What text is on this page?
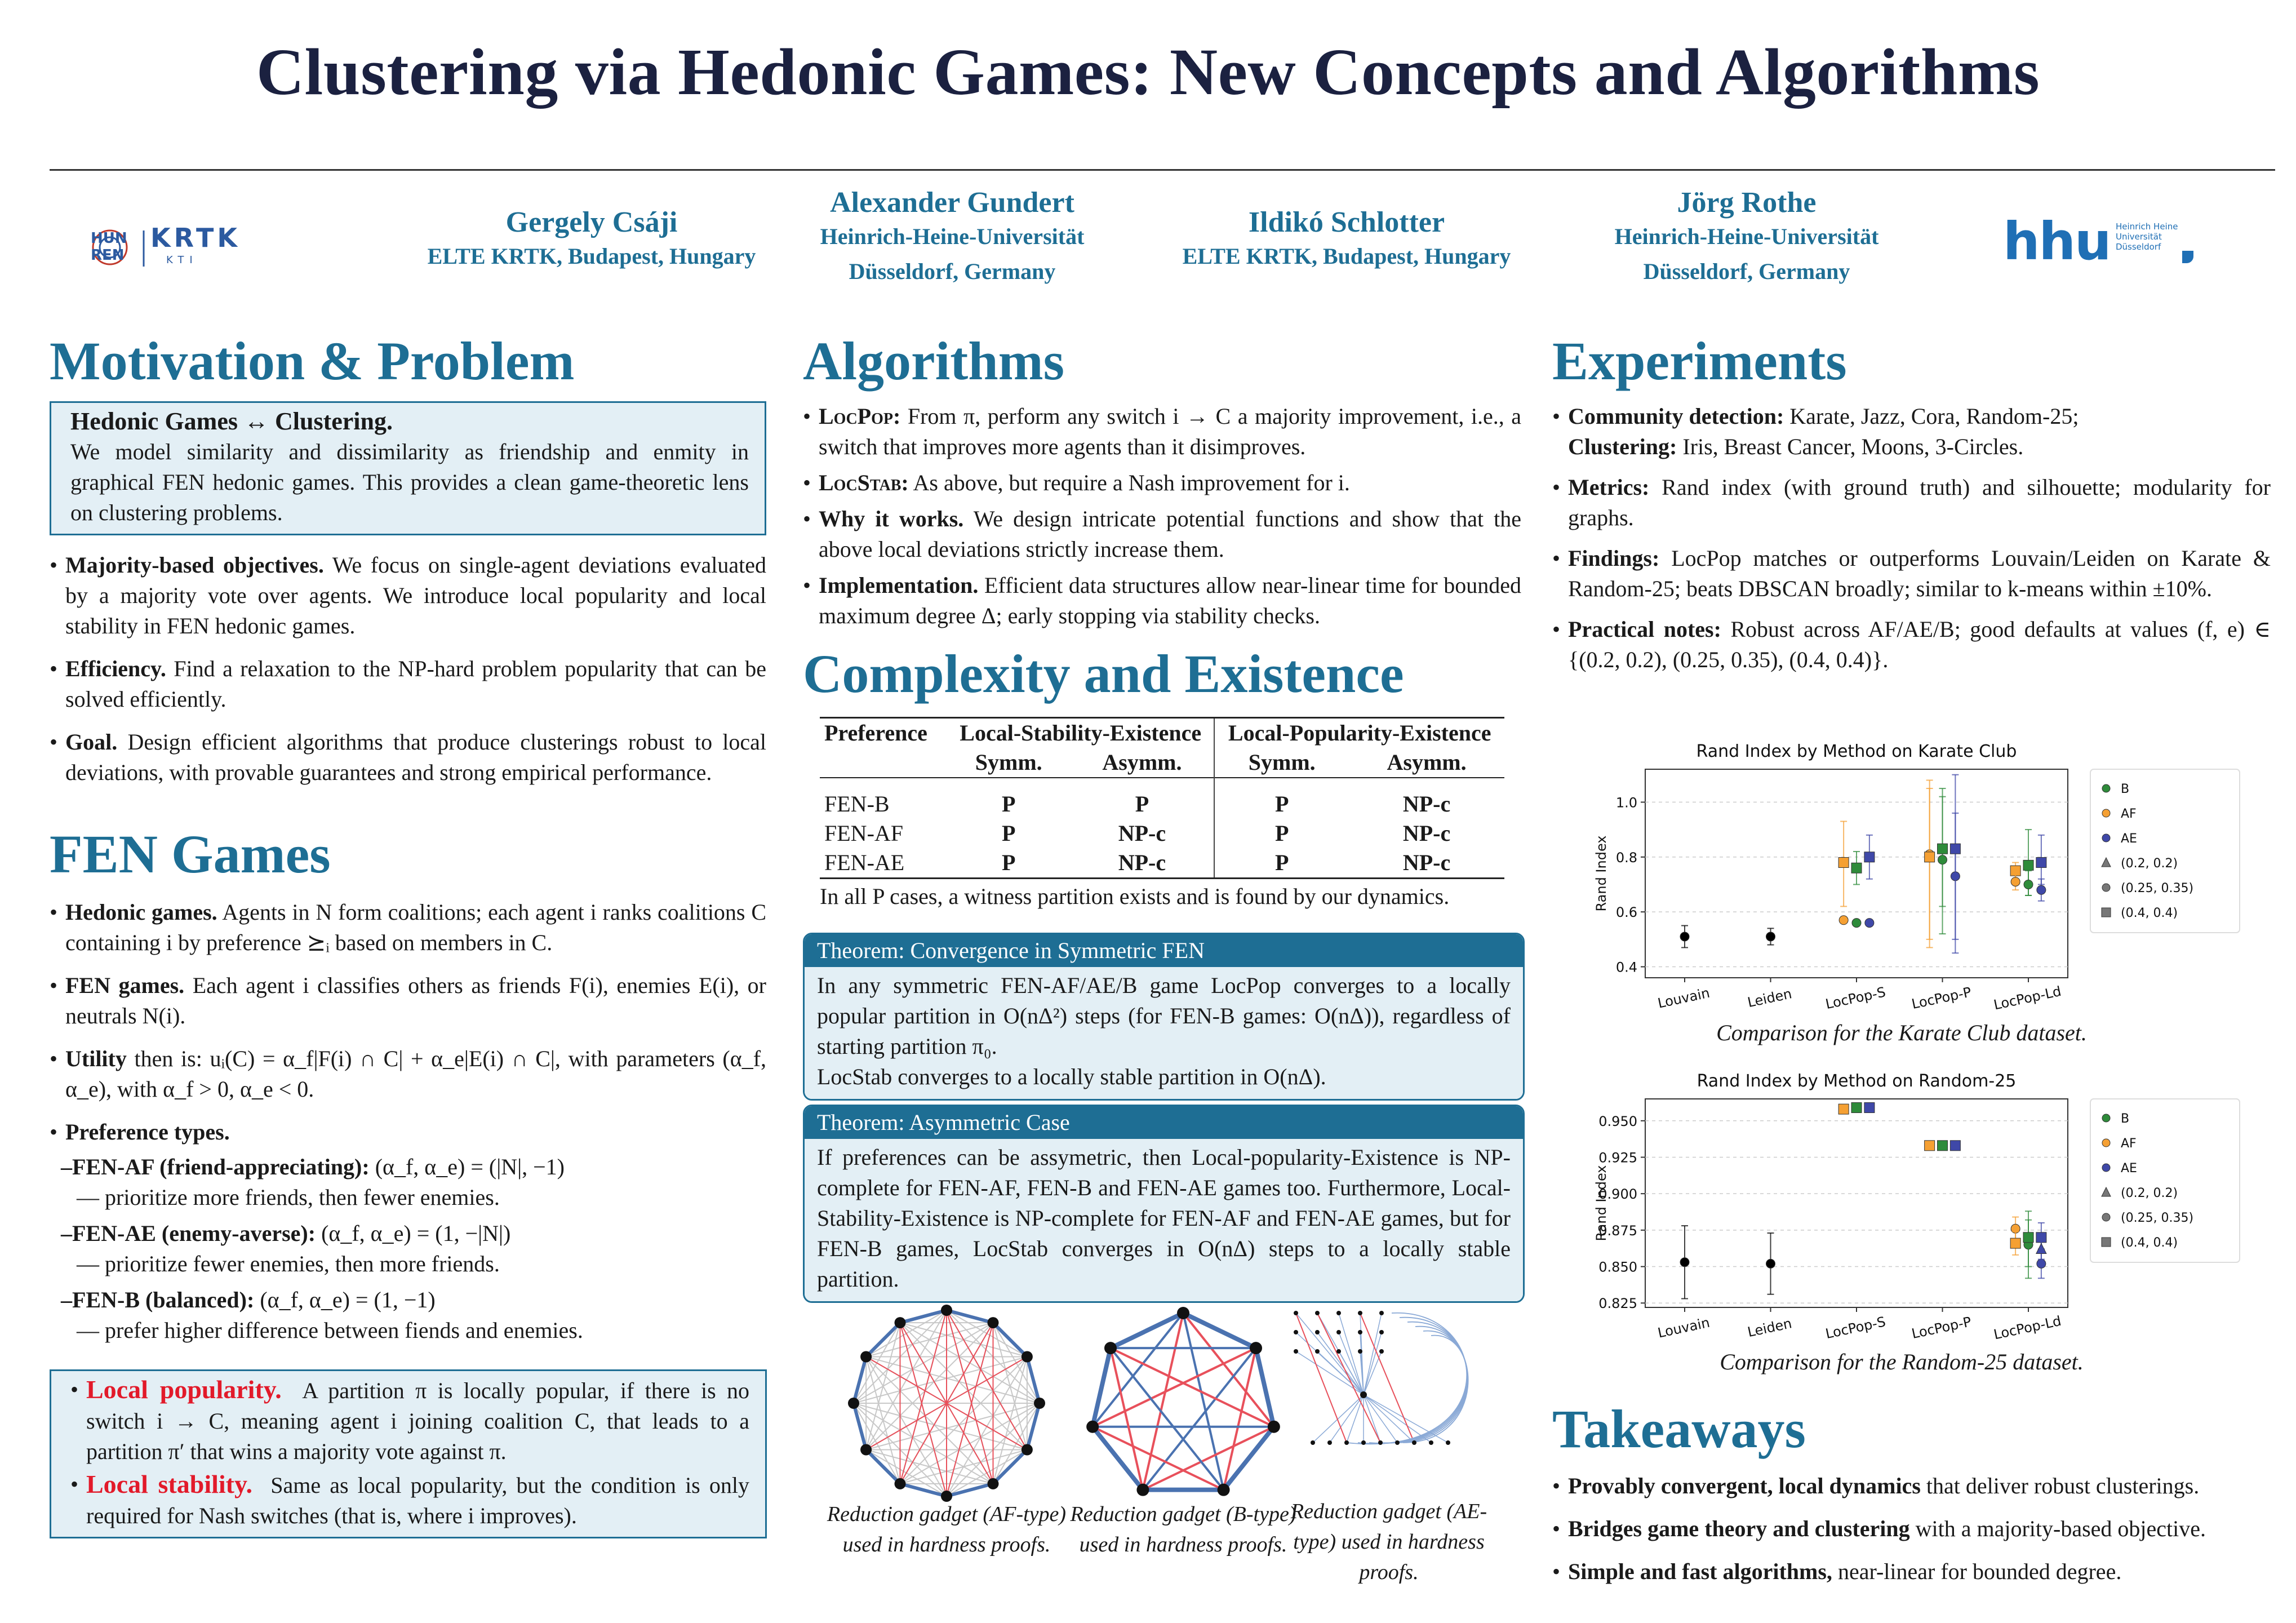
Clustering via Hedonic Games: New Concepts and Algorithms
HUN
REN
KRTK
KTI
Gergely Csáji
ELTE KRTK, Budapest, Hungary
Alexander Gundert
Heinrich-Heine-Universität
Düsseldorf, Germany
Ildikó Schlotter
ELTE KRTK, Budapest, Hungary
Jörg Rothe
Heinrich-Heine-Universität
Düsseldorf, Germany	hhu Heinrich Heine
Universität
Düsseldorf
Motivation & Problem
Hedonic Games ↔ Clustering.
We model similarity and dissimilarity as friendship and enmity in graphical FEN hedonic games. This provides a clean game-theoretic lens on clustering problems.
• Majority-based objectives. We focus on single-agent deviations evaluated by a majority vote over agents. We introduce local popularity and local stability in FEN hedonic games.
• Efficiency. Find a relaxation to the NP-hard problem popularity that can be solved efficiently.
• Goal. Design efficient algorithms that produce clusterings robust to local deviations, with provable guarantees and strong empirical performance.
FEN Games
• Hedonic games. Agents in N form coalitions; each agent i ranks coalitions C containing i by preference ⪰ᵢ based on members in C.
• FEN games. Each agent i classifies others as friends F(i), enemies E(i), or neutrals N(i).
• Utility then is: uᵢ(C) = α_f|F(i) ∩ C| + α_e|E(i) ∩ C|, with parameters (α_f, α_e), with α_f > 0, α_e < 0.
• Preference types.
–FEN-AF (friend-appreciating): (α_f, α_e) = (|N|, −1)
— prioritize more friends, then fewer enemies.
–FEN-AE (enemy-averse): (α_f, α_e) = (1, −|N|)
— prioritize fewer enemies, then more friends.
–FEN-B (balanced): (α_f, α_e) = (1, −1)
— prefer higher difference between fiends and enemies.
• Local popularity. A partition π is locally popular, if there is no switch i → C, meaning agent i joining coalition C, that leads to a partition π′ that wins a majority vote against π.
• Local stability. Same as local popularity, but the condition is only required for Nash switches (that is, where i improves).
Algorithms
• LocPop: From π, perform any switch i → C a majority improvement, i.e., a switch that improves more agents than it disimproves.
• LocStab: As above, but require a Nash improvement for i.
• Why it works. We design intricate potential functions and show that the above local deviations strictly increase them.
• Implementation. Efficient data structures allow near-linear time for bounded maximum degree Δ; early stopping via stability checks.
Complexity and Existence
Preference	Local-Stability-Existence		Local-Popularity-Existence	
	Symm.	Asymm.	Symm.	Asymm.

FEN-B	P	P	P	NP-c
FEN-AF	P	NP-c	P	NP-c
FEN-AE	P	NP-c	P	NP-c
In all P cases, a witness partition exists and is found by our dynamics.
Theorem: Convergence in Symmetric FEN
In any symmetric FEN-AF/AE/B game LocPop converges to a locally popular partition in O(nΔ²) steps (for FEN-B games: O(nΔ)), regardless of starting partition π₀.
LocStab converges to a locally stable partition in O(nΔ).
Theorem: Asymmetric Case
If preferences can be assymetric, then Local-popularity-Existence is NP-complete for FEN-AF, FEN-B and FEN-AE games too. Furthermore, Local-Stability-Existence is NP-complete for FEN-AF and FEN-AE games, but for FEN-B games, LocStab converges in O(nΔ) steps to a locally stable partition.
Reduction gadget (AF-type) used in hardness proofs.
Reduction gadget (B-type) used in hardness proofs.
Reduction gadget (AE-type) used in hardness proofs.
Experiments
• Community detection: Karate, Jazz, Cora, Random-25;
Clustering: Iris, Breast Cancer, Moons, 3-Circles.
• Metrics: Rand index (with ground truth) and silhouette; modularity for graphs.
• Findings: LocPop matches or outperforms Louvain/Leiden on Karate & Random-25; beats DBSCAN broadly; similar to k-means within ±10%.
• Practical notes: Robust across AF/AE/B; good defaults at values (f, e) ∈ {(0.2, 0.2), (0.25, 0.35), (0.4, 0.4)}.
Rand Index by Method on Karate Club
0.4
0.6
0.8
1.0
Rand Index
Louvain	Leiden LocPop-S LocPop-P LocPop-Ld
B
AF
AE
(0.2, 0.2)
(0.25, 0.35)
(0.4, 0.4)
Comparison for the Karate Club dataset.
Rand Index by Method on Random-25
0.825
0.850
0.875
0.900
0.925
0.950
Rand Index
Louvain	Leiden LocPop-S LocPop-P LocPop-Ld
B
AF
AE
(0.2, 0.2)
(0.25, 0.35)
(0.4, 0.4)
Comparison for the Random-25 dataset.
Takeaways
• Provably convergent, local dynamics that deliver robust clusterings.
• Bridges game theory and clustering with a majority-based objective.
• Simple and fast algorithms, near-linear for bounded degree.
